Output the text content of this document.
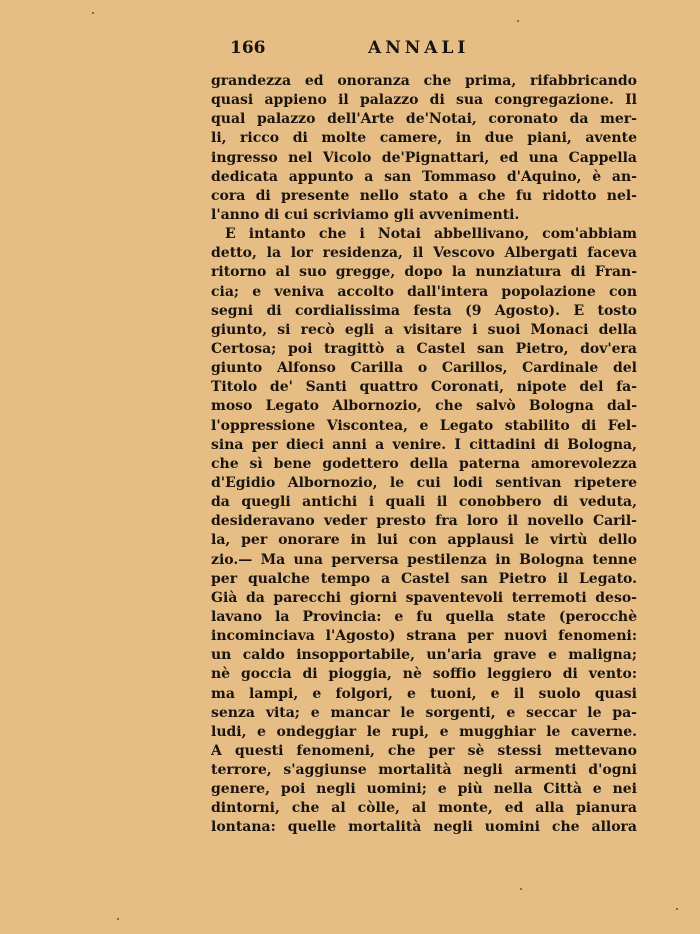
166	ANNALI
grandezza ed onoranza che prima, rifabbricando
quasi appieno il palazzo di sua congregazione. Il
qual palazzo dell'Arte de'Notai, coronato da mer-
li, ricco di molte camere, in due piani, avente
ingresso nel Vicolo de'Pignattari, ed una Cappella
dedicata appunto a san Tommaso d'Aquino, è an-
cora di presente nello stato a che fu ridotto nel-
l'anno di cui scriviamo gli avvenimenti.
E intanto che i Notai abbellivano, com'abbiam
detto, la lor residenza, il Vescovo Albergati faceva
ritorno al suo gregge, dopo la nunziatura di Fran-
cia; e veniva accolto dall'intera popolazione con
segni di cordialissima festa (9 Agosto). E tosto
giunto, si recò egli a visitare i suoi Monaci della
Certosa; poi tragittò a Castel san Pietro, dov'era
giunto Alfonso Carilla o Carillos, Cardinale del
Titolo de' Santi quattro Coronati, nipote del fa-
moso Legato Albornozio, che salvò Bologna dal-
l'oppressione Viscontea, e Legato stabilito di Fel-
sina per dieci anni a venire. I cittadini di Bologna,
che sì bene godettero della paterna amorevolezza
d'Egidio Albornozio, le cui lodi sentivan ripetere
da quegli antichi i quali il conobbero di veduta,
desideravano veder presto fra loro il novello Caril-
la, per onorare in lui con applausi le virtù dello
zio.— Ma una perversa pestilenza in Bologna tenne
per qualche tempo a Castel san Pietro il Legato.
Già da parecchi giorni spaventevoli terremoti deso-
lavano la Provincia: e fu quella state (perocchè
incominciava l'Agosto) strana per nuovi fenomeni:
un caldo insopportabile, un'aria grave e maligna;
nè goccia di pioggia, nè soffio leggiero di vento:
ma lampi, e folgori, e tuoni, e il suolo quasi
senza vita; e mancar le sorgenti, e seccar le pa-
ludi, e ondeggiar le rupi, e mugghiar le caverne.
A questi fenomeni, che per sè stessi mettevano
terrore, s'aggiunse mortalità negli armenti d'ogni
genere, poi negli uomini; e più nella Città e nei
dintorni, che al còlle, al monte, ed alla pianura
lontana: quelle mortalità negli uomini che allora
